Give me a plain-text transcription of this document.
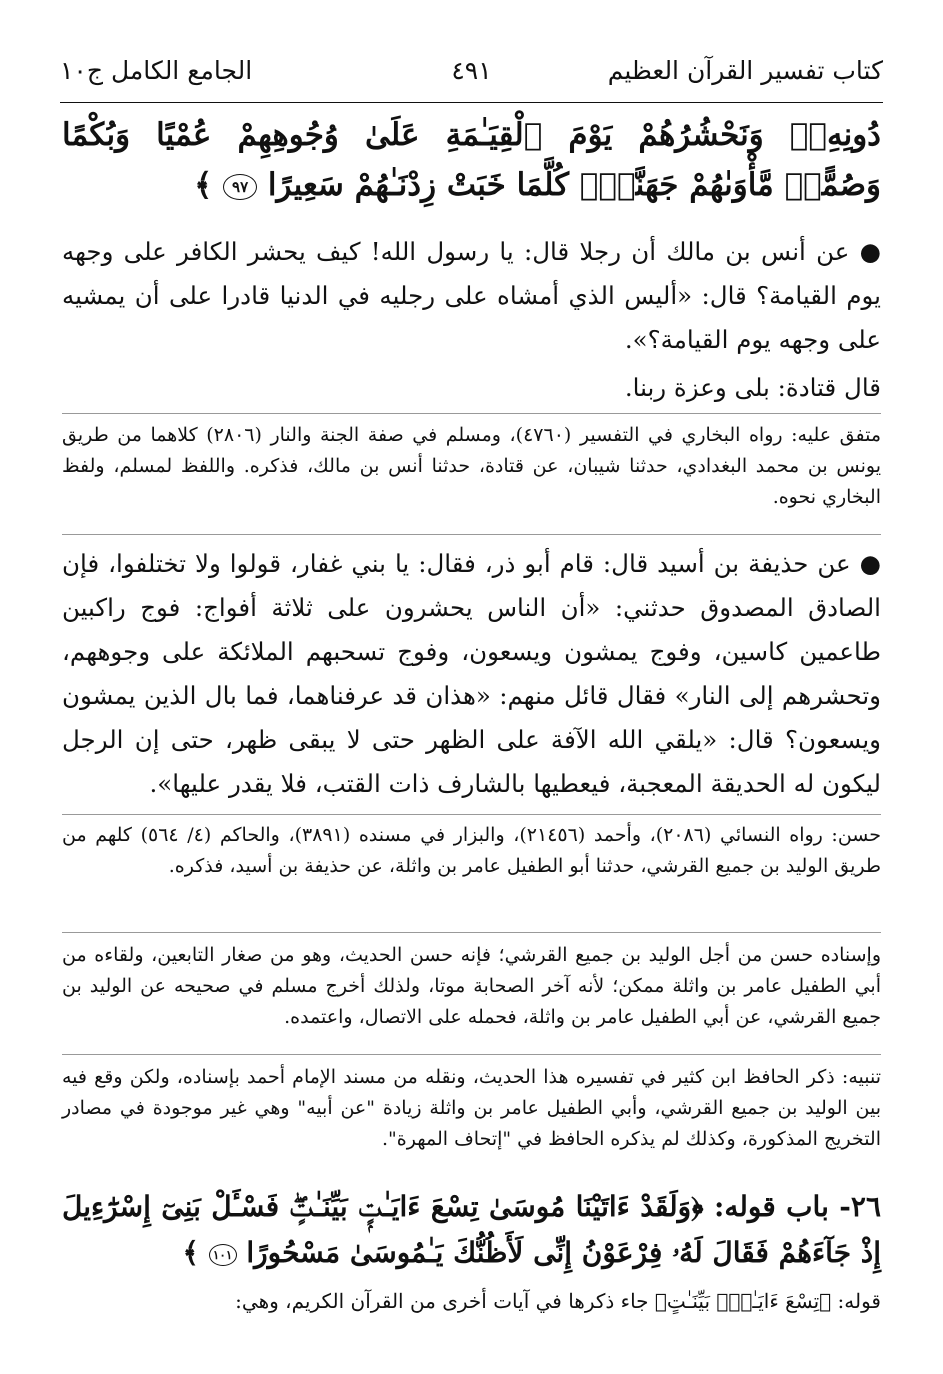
كتاب تفسير القرآن العظيم
٤٩١
الجامع الكامل ج١٠
دُونِهِۦۖ وَنَحْشُرُهُمْ يَوْمَ ٱلْقِيَـٰمَةِ عَلَىٰ وُجُوهِهِمْ عُمْيًا وَبُكْمًا وَصُمًّاۖ مَّأْوَىٰهُمْ جَهَنَّمُۖ كُلَّمَا خَبَتْ زِدْنَـٰهُمْ سَعِيرًا ٩٧ ﴾
● عن أنس بن مالك أن رجلا قال: يا رسول الله! كيف يحشر الكافر على وجهه يوم القيامة؟ قال: «أليس الذي أمشاه على رجليه في الدنيا قادرا على أن يمشيه على وجهه يوم القيامة؟».
قال قتادة: بلى وعزة ربنا.
متفق عليه: رواه البخاري في التفسير (٤٧٦٠)، ومسلم في صفة الجنة والنار (٢٨٠٦) كلاهما من طريق يونس بن محمد البغدادي، حدثنا شيبان، عن قتادة، حدثنا أنس بن مالك، فذكره. واللفظ لمسلم، ولفظ البخاري نحوه.
● عن حذيفة بن أسيد قال: قام أبو ذر، فقال: يا بني غفار، قولوا ولا تختلفوا، فإن الصادق المصدوق حدثني: «أن الناس يحشرون على ثلاثة أفواج: فوج راكبين طاعمين كاسين، وفوج يمشون ويسعون، وفوج تسحبهم الملائكة على وجوههم، وتحشرهم إلى النار» فقال قائل منهم: «هذان قد عرفناهما، فما بال الذين يمشون ويسعون؟ قال: «يلقي الله الآفة على الظهر حتى لا يبقى ظهر، حتى إن الرجل ليكون له الحديقة المعجبة، فيعطيها بالشارف ذات القتب، فلا يقدر عليها».
حسن: رواه النسائي (٢٠٨٦)، وأحمد (٢١٤٥٦)، والبزار في مسنده (٣٨٩١)، والحاكم (٤/ ٥٦٤) كلهم من طريق الوليد بن جميع القرشي، حدثنا أبو الطفيل عامر بن واثلة، عن حذيفة بن أسيد، فذكره.
وإسناده حسن من أجل الوليد بن جميع القرشي؛ فإنه حسن الحديث، وهو من صغار التابعين، ولقاءه من أبي الطفيل عامر بن واثلة ممكن؛ لأنه آخر الصحابة موتا، ولذلك أخرج مسلم في صحيحه عن الوليد بن جميع القرشي، عن أبي الطفيل عامر بن واثلة، فحمله على الاتصال، واعتمده.
تنبيه: ذكر الحافظ ابن كثير في تفسيره هذا الحديث، ونقله من مسند الإمام أحمد بإسناده، ولكن وقع فيه بين الوليد بن جميع القرشي، وأبي الطفيل عامر بن واثلة زيادة "عن أبيه" وهي غير موجودة في مصادر التخريج المذكورة، وكذلك لم يذكره الحافظ في "إتحاف المهرة".
٢٦- باب قوله: ﴿وَلَقَدْ ءَاتَيْنَا مُوسَىٰ تِسْعَ ءَايَـٰتٍۭ بَيِّنَـٰتٍۖ فَسْـَٔلْ بَنِىٓ إِسْرَٰٓءِيلَ إِذْ جَآءَهُمْ فَقَالَ لَهُۥ فِرْعَوْنُ إِنِّى لَأَظُنُّكَ يَـٰمُوسَىٰ مَسْحُورًا ١٠١ ﴾
قوله: ﴿تِسْعَ ءَايَـٰتٍۭ بَيِّنَـٰتٍ﴾ جاء ذكرها في آيات أخرى من القرآن الكريم، وهي:
